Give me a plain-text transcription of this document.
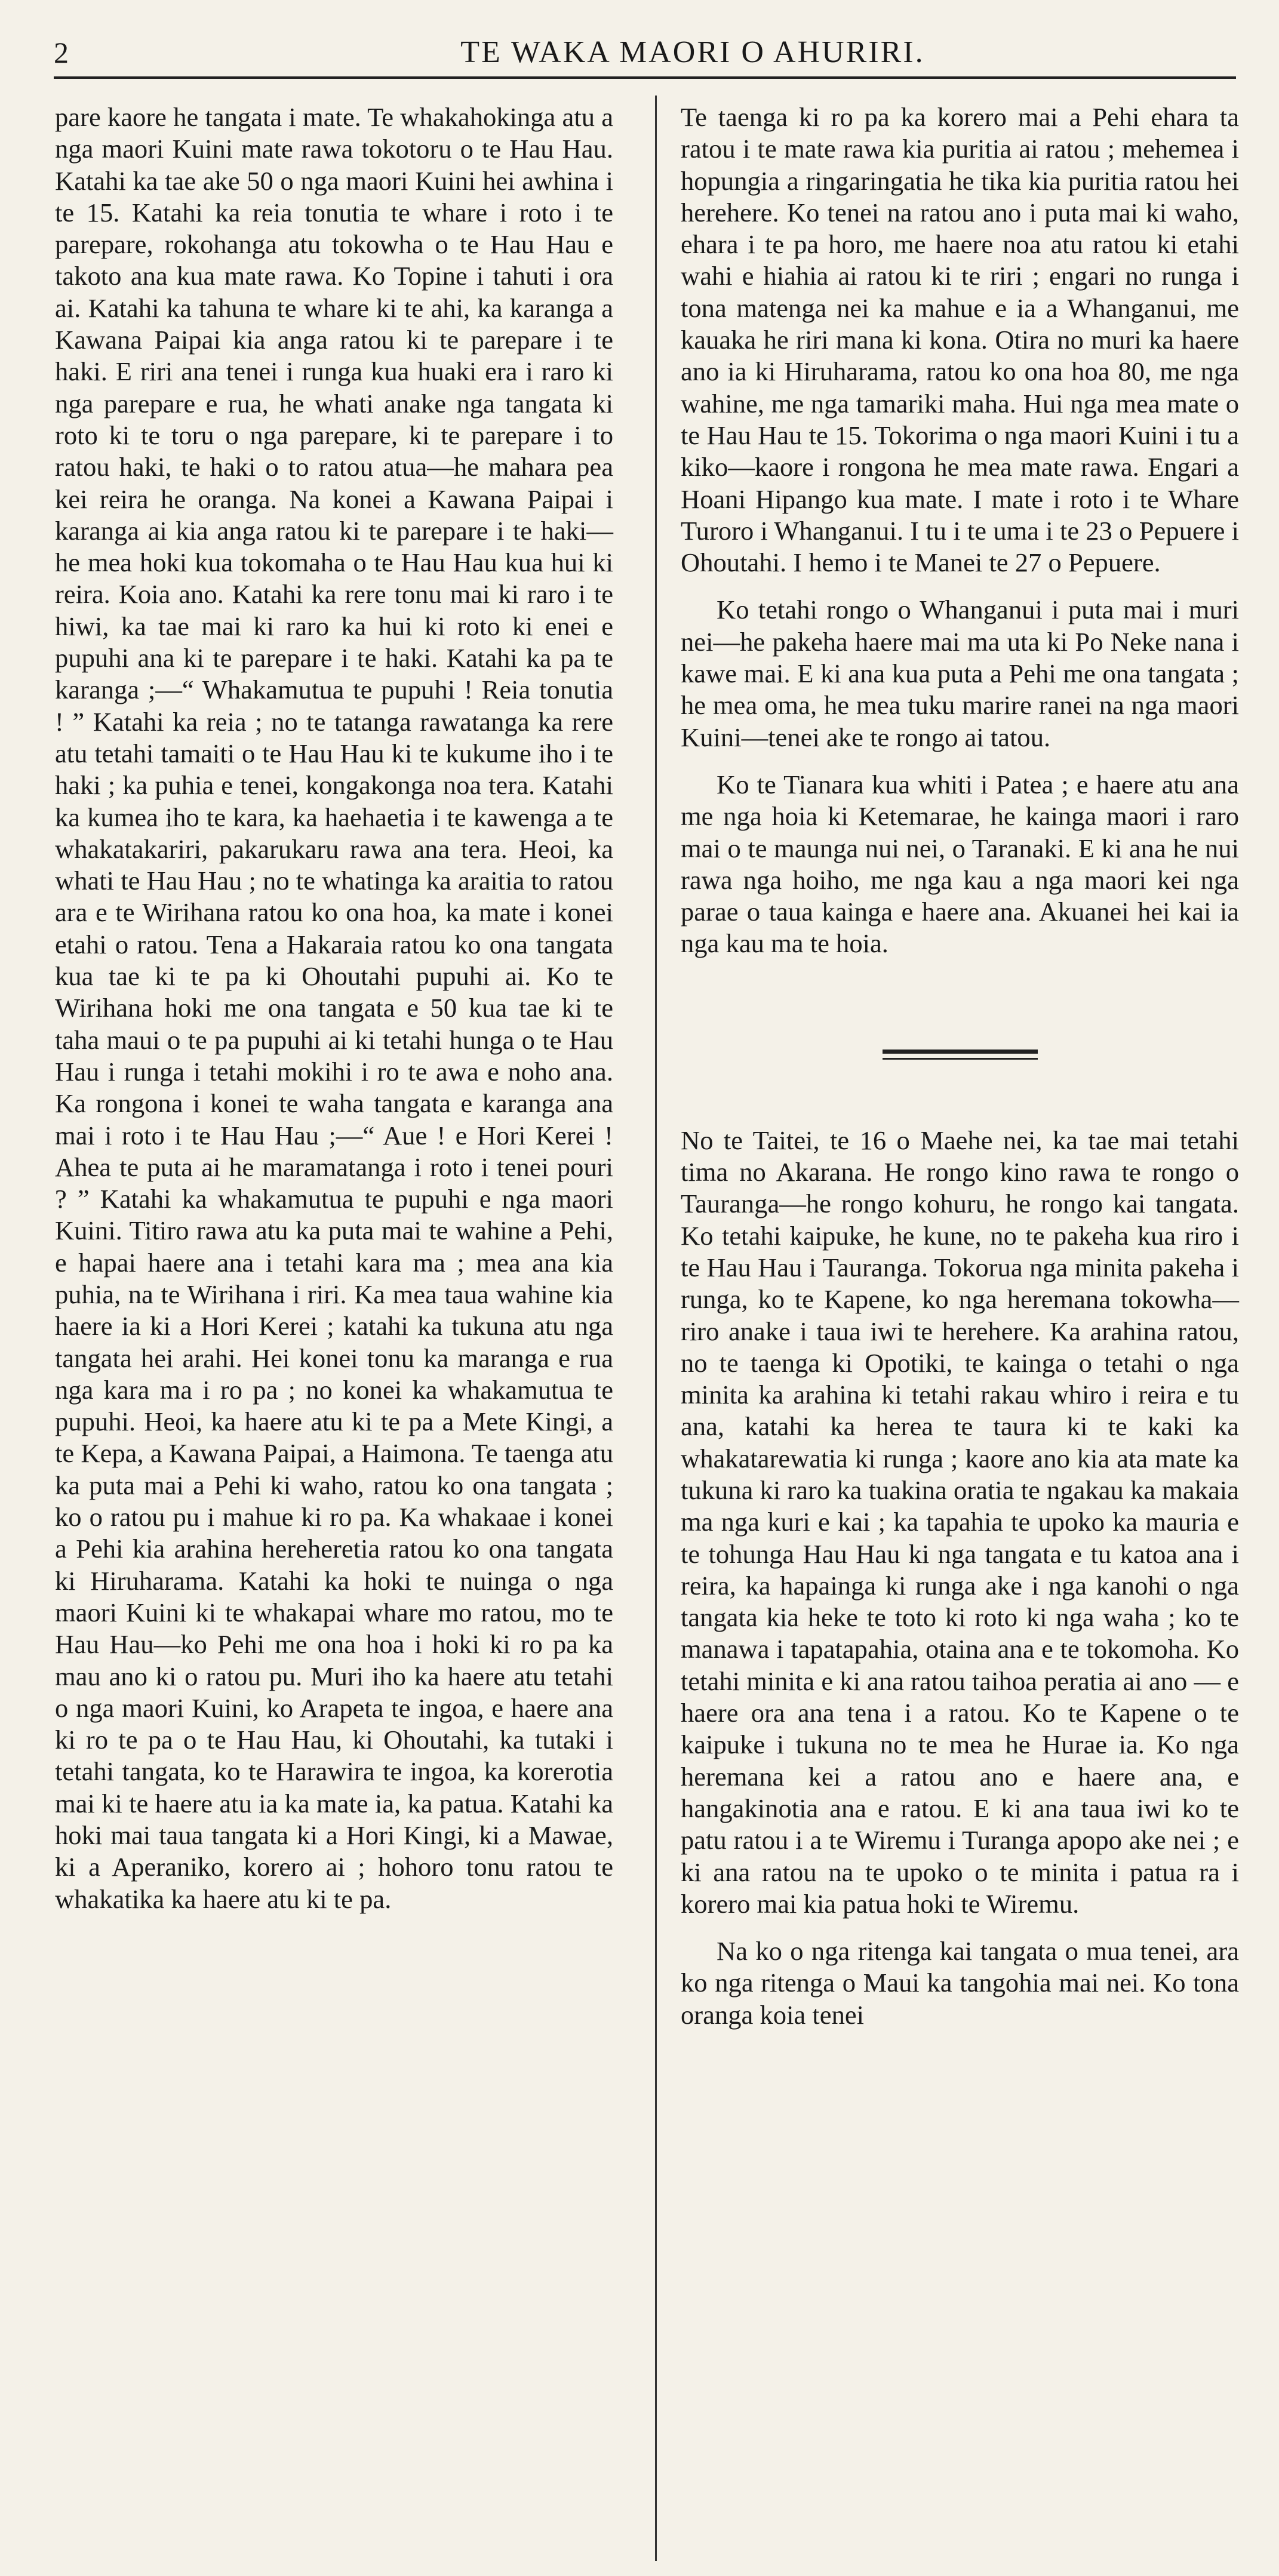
2	TE WAKA MAORI O AHURIRI.

pare kaore he tangata i mate. Te whakahokinga atu a nga maori Kuini mate rawa tokotoru o te Hau Hau. Katahi ka tae ake 50 o nga maori Kuini hei awhina i te 15. Katahi ka reia tonutia te whare i roto i te parepare, rokohanga atu tokowha o te Hau Hau e takoto ana kua mate rawa. Ko Topine i tahuti i ora ai. Katahi ka tahuna te whare ki te ahi, ka karanga a Kawana Paipai kia anga ratou ki te parepare i te haki. E riri ana tenei i runga kua huaki era i raro ki nga parepare e rua, he whati anake nga tangata ki roto ki te toru o nga parepare, ki te parepare i to ratou haki, te haki o to ratou atua—he mahara pea kei reira he oranga. Na konei a Kawana Paipai i karanga ai kia anga ratou ki te parepare i te haki—he mea hoki kua tokomaha o te Hau Hau kua hui ki reira. Koia ano. Katahi ka rere tonu mai ki raro i te hiwi, ka tae mai ki raro ka hui ki roto ki enei e pupuhi ana ki te parepare i te haki. Katahi ka pa te karanga ;—“ Whakamutua te pupuhi ! Reia tonutia ! ” Katahi ka reia ; no te tatanga rawatanga ka rere atu tetahi tamaiti o te Hau Hau ki te kukume iho i te haki ; ka puhia e tenei, kongakonga noa tera. Katahi ka kumea iho te kara, ka haehaetia i te kawenga a te whakatakariri, pakarukaru rawa ana tera. Heoi, ka whati te Hau Hau ; no te whatinga ka araitia to ratou ara e te Wirihana ratou ko ona hoa, ka mate i konei etahi o ratou. Tena a Hakaraia ratou ko ona tangata kua tae ki te pa ki Ohoutahi pupuhi ai. Ko te Wirihana hoki me ona tangata e 50 kua tae ki te taha maui o te pa pupuhi ai ki tetahi hunga o te Hau Hau i runga i tetahi mokihi i ro te awa e noho ana. Ka rongona i konei te waha tangata e karanga ana mai i roto i te Hau Hau ;—“ Aue ! e Hori Kerei ! Ahea te puta ai he maramatanga i roto i tenei pouri ? ” Katahi ka whakamutua te pupuhi e nga maori Kuini. Titiro rawa atu ka puta mai te wahine a Pehi, e hapai haere ana i tetahi kara ma ; mea ana kia puhia, na te Wirihana i riri. Ka mea taua wahine kia haere ia ki a Hori Kerei ; katahi ka tukuna atu nga tangata hei arahi. Hei konei tonu ka maranga e rua nga kara ma i ro pa ; no konei ka whakamutua te pupuhi. Heoi, ka haere atu ki te pa a Mete Kingi, a te Kepa, a Kawana Paipai, a Haimona. Te taenga atu ka puta mai a Pehi ki waho, ratou ko ona tangata ; ko o ratou pu i mahue ki ro pa. Ka whakaae i konei a Pehi kia arahina hereheretia ratou ko ona tangata ki Hiruharama. Katahi ka hoki te nuinga o nga maori Kuini ki te whakapai whare mo ratou, mo te Hau Hau—ko Pehi me ona hoa i hoki ki ro pa ka mau ano ki o ratou pu. Muri iho ka haere atu tetahi o nga maori Kuini, ko Arapeta te ingoa, e haere ana ki ro te pa o te Hau Hau, ki Ohoutahi, ka tutaki i tetahi tangata, ko te Harawira te ingoa, ka korerotia mai ki te haere atu ia ka mate ia, ka patua. Katahi ka hoki mai taua tangata ki a Hori Kingi, ki a Mawae, ki a Aperaniko, korero ai ; hohoro tonu ratou te whakatika ka haere atu ki te pa.

Te taenga ki ro pa ka korero mai a Pehi ehara ta ratou i te mate rawa kia puritia ai ratou ; mehemea i hopungia a ringaringatia he tika kia puritia ratou hei herehere. Ko tenei na ratou ano i puta mai ki waho, ehara i te pa horo, me haere noa atu ratou ki etahi wahi e hiahia ai ratou ki te riri ; engari no runga i tona matenga nei ka mahue e ia a Whanganui, me kauaka he riri mana ki kona. Otira no muri ka haere ano ia ki Hiruharama, ratou ko ona hoa 80, me nga wahine, me nga tamariki maha. Hui nga mea mate o te Hau Hau te 15. Tokorima o nga maori Kuini i tu a kiko—kaore i rongona he mea mate rawa. Engari a Hoani Hipango kua mate. I mate i roto i te Whare Turoro i Whanganui. I tu i te uma i te 23 o Pepuere i Ohoutahi. I hemo i te Manei te 27 o Pepuere.

Ko tetahi rongo o Whanganui i puta mai i muri nei—he pakeha haere mai ma uta ki Po Neke nana i kawe mai. E ki ana kua puta a Pehi me ona tangata ; he mea oma, he mea tuku marire ranei na nga maori Kuini—tenei ake te rongo ai tatou.

Ko te Tianara kua whiti i Patea ; e haere atu ana me nga hoia ki Ketemarae, he kainga maori i raro mai o te maunga nui nei, o Taranaki. E ki ana he nui rawa nga hoiho, me nga kau a nga maori kei nga parae o taua kainga e haere ana. Akuanei hei kai ia nga kau ma te hoia.

No te Taitei, te 16 o Maehe nei, ka tae mai tetahi tima no Akarana. He rongo kino rawa te rongo o Tauranga—he rongo kohuru, he rongo kai tangata. Ko tetahi kaipuke, he kune, no te pakeha kua riro i te Hau Hau i Tauranga. Tokorua nga minita pakeha i runga, ko te Kapene, ko nga heremana tokowha—riro anake i taua iwi te herehere. Ka arahina ratou, no te taenga ki Opotiki, te kainga o tetahi o nga minita ka arahina ki tetahi rakau whiro i reira e tu ana, katahi ka herea te taura ki te kaki ka whakatarewatia ki runga ; kaore ano kia ata mate ka tukuna ki raro ka tuakina oratia te ngakau ka makaia ma nga kuri e kai ; ka tapahia te upoko ka mauria e te tohunga Hau Hau ki nga tangata e tu katoa ana i reira, ka hapainga ki runga ake i nga kanohi o nga tangata kia heke te toto ki roto ki nga waha ; ko te manawa i tapatapahia, otaina ana e te tokomoha. Ko tetahi minita e ki ana ratou taihoa peratia ai ano — e haere ora ana tena i a ratou. Ko te Kapene o te kaipuke i tukuna no te mea he Hurae ia. Ko nga heremana kei a ratou ano e haere ana, e hangakinotia ana e ratou. E ki ana taua iwi ko te patu ratou i a te Wiremu i Turanga apopo ake nei ; e ki ana ratou na te upoko o te minita i patua ra i korero mai kia patua hoki te Wiremu.

Na ko o nga ritenga kai tangata o mua tenei, ara ko nga ritenga o Maui ka tangohia mai nei. Ko tona oranga koia tenei
